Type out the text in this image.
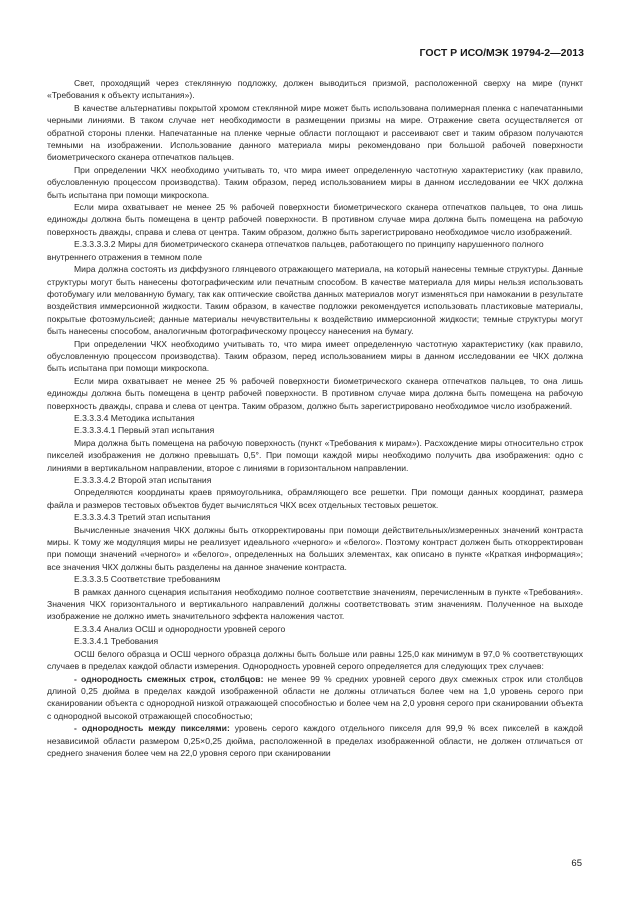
ГОСТ Р ИСО/МЭК 19794-2—2013

Свет, проходящий через стеклянную подложку, должен выводиться призмой, расположенной сверху на мире (пункт «Требования к объекту испытания»).

В качестве альтернативы покрытой хромом стеклянной мире может быть использована полимерная пленка с напечатанными черными линиями. В таком случае нет необходимости в размещении призмы на мире. Отражение света осуществляется от обратной стороны пленки. Напечатанные на пленке черные области поглощают и рассеивают свет и таким образом получаются темными на изображении. Использование данного материала миры рекомендовано при большой рабочей поверхности биометрического сканера отпечатков пальцев.

При определении ЧКХ необходимо учитывать то, что мира имеет определенную частотную характеристику (как правило, обусловленную процессом производства). Таким образом, перед использованием миры в данном исследовании ее ЧКХ должна быть испытана при помощи микроскопа.

Если мира охватывает не менее 25 % рабочей поверхности биометрического сканера отпечатков пальцев, то она лишь единожды должна быть помещена в центр рабочей поверхности. В противном случае мира должна быть помещена на рабочую поверхность дважды, справа и слева от центра. Таким образом, должно быть зарегистрировано необходимое число изображений.

Е.3.3.3.3.2 Миры для биометрического сканера отпечатков пальцев, работающего по принципу нарушенного полного внутреннего отражения в темном поле

Мира должна состоять из диффузного глянцевого отражающего материала, на который нанесены темные структуры. Данные структуры могут быть нанесены фотографическим или печатным способом. В качестве материала для миры нельзя использовать фотобумагу или мелованную бумагу, так как оптические свойства данных материалов могут изменяться при намокании в результате воздействия иммерсионной жидкости. Таким образом, в качестве подложки рекомендуется использовать пластиковые материалы, покрытые фотоэмульсией; данные материалы нечувствительны к воздействию иммерсионной жидкости; темные структуры могут быть нанесены способом, аналогичным фотографическому процессу нанесения на бумагу.

При определении ЧКХ необходимо учитывать то, что мира имеет определенную частотную характеристику (как правило, обусловленную процессом производства). Таким образом, перед использованием миры в данном исследовании ее ЧКХ должна быть испытана при помощи микроскопа.

Если мира охватывает не менее 25 % рабочей поверхности биометрического сканера отпечатков пальцев, то она лишь единожды должна быть помещена в центр рабочей поверхности. В противном случае мира должна быть помещена на рабочую поверхность дважды, справа и слева от центра. Таким образом, должно быть зарегистрировано необходимое число изображений.

Е.3.3.3.4 Методика испытания

Е.3.3.3.4.1 Первый этап испытания

Мира должна быть помещена на рабочую поверхность (пункт «Требования к мирам»). Расхождение миры относительно строк пикселей изображения не должно превышать 0,5°. При помощи каждой миры необходимо получить два изображения: одно с линиями в вертикальном направлении, второе с линиями в горизонтальном направлении.

Е.3.3.3.4.2 Второй этап испытания

Определяются координаты краев прямоугольника, обрамляющего все решетки. При помощи данных координат, размера файла и размеров тестовых объектов будет вычисляться ЧКХ всех отдельных тестовых решеток.

Е.3.3.3.4.3 Третий этап испытания

Вычисленные значения ЧКХ должны быть откорректированы при помощи действительных/измеренных значений контраста миры. К тому же модуляция миры не реализует идеального «черного» и «белого». Поэтому контраст должен быть откорректирован при помощи значений «черного» и «белого», определенных на больших элементах, как описано в пункте «Краткая информация»; все значения ЧКХ должны быть разделены на данное значение контраста.

Е.3.3.3.5 Соответствие требованиям

В рамках данного сценария испытания необходимо полное соответствие значениям, перечисленным в пункте «Требования». Значения ЧКХ горизонтального и вертикального направлений должны соответствовать этим значениям. Полученное на выходе изображение не должно иметь значительного эффекта наложения частот.

Е.3.3.4 Анализ ОСШ и однородности уровней серого

Е.3.3.4.1 Требования

ОСШ белого образца и ОСШ черного образца должны быть больше или равны 125,0 как минимум в 97,0 % соответствующих случаев в пределах каждой области измерения. Однородность уровней серого определяется для следующих трех случаев:

- однородность смежных строк, столбцов: не менее 99 % средних уровней серого двух смежных строк или столбцов длиной 0,25 дюйма в пределах каждой изображенной области не должны отличаться более чем на 1,0 уровень серого при сканировании объекта с однородной низкой отражающей способностью и более чем на 2,0 уровня серого при сканировании объекта с однородной высокой отражающей способностью;

- однородность между пикселями: уровень серого каждого отдельного пикселя для 99,9 % всех пикселей в каждой независимой области размером 0,25×0,25 дюйма, расположенной в пределах изображенной области, не должен отличаться от среднего значения более чем на 22,0 уровня серого при сканировании

65
